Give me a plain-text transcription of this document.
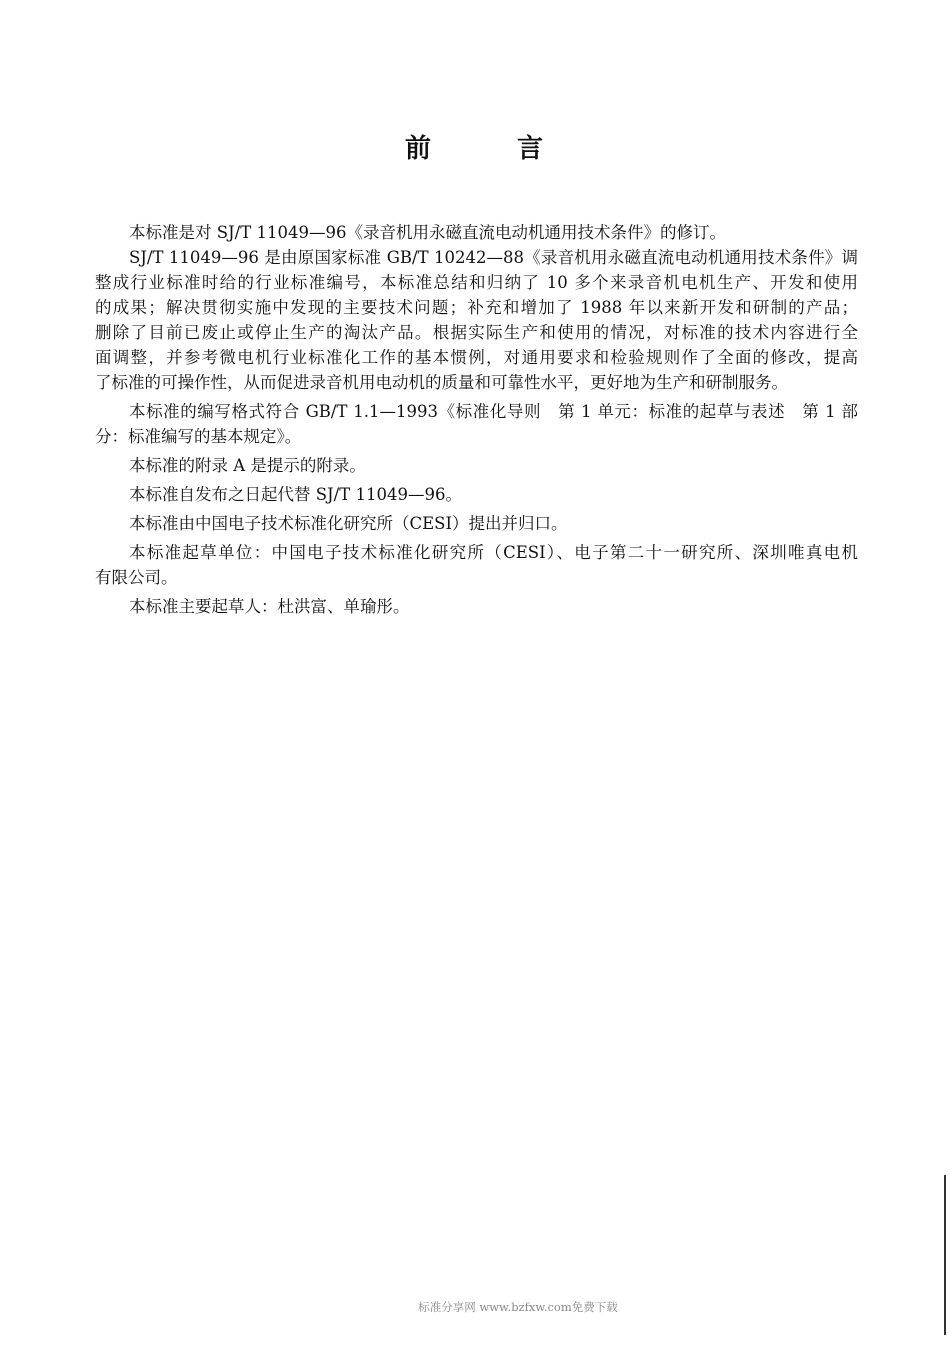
前	言
本标准是对 SJ/T 11049—96《录音机用永磁直流电动机通用技术条件》的修订。
SJ/T 11049—96 是由原国家标准 GB/T 10242—88《录音机用永磁直流电动机通用技术条件》调
整成行业标准时给的行业标准编号，本标准总结和归纳了 10 多个来录音机电机生产、开发和使用
的成果；解决贯彻实施中发现的主要技术问题；补充和增加了 1988 年以来新开发和研制的产品；
删除了目前已废止或停止生产的淘汰产品。根据实际生产和使用的情况，对标准的技术内容进行全
面调整，并参考微电机行业标准化工作的基本惯例，对通用要求和检验规则作了全面的修改，提高
了标准的可操作性，从而促进录音机用电动机的质量和可靠性水平，更好地为生产和研制服务。
本标准的编写格式符合 GB/T 1.1—1993《标准化导则　第 1 单元：标准的起草与表述　第 1 部
分：标准编写的基本规定》。
本标准的附录 A 是提示的附录。
本标准自发布之日起代替 SJ/T 11049—96。
本标准由中国电子技术标准化研究所（CESI）提出并归口。
本标准起草单位：中国电子技术标准化研究所（CESI）、电子第二十一研究所、深圳唯真电机
有限公司。
本标准主要起草人：杜洪富、单瑜彤。
标准分享网 www.bzfxw.com免费下载
